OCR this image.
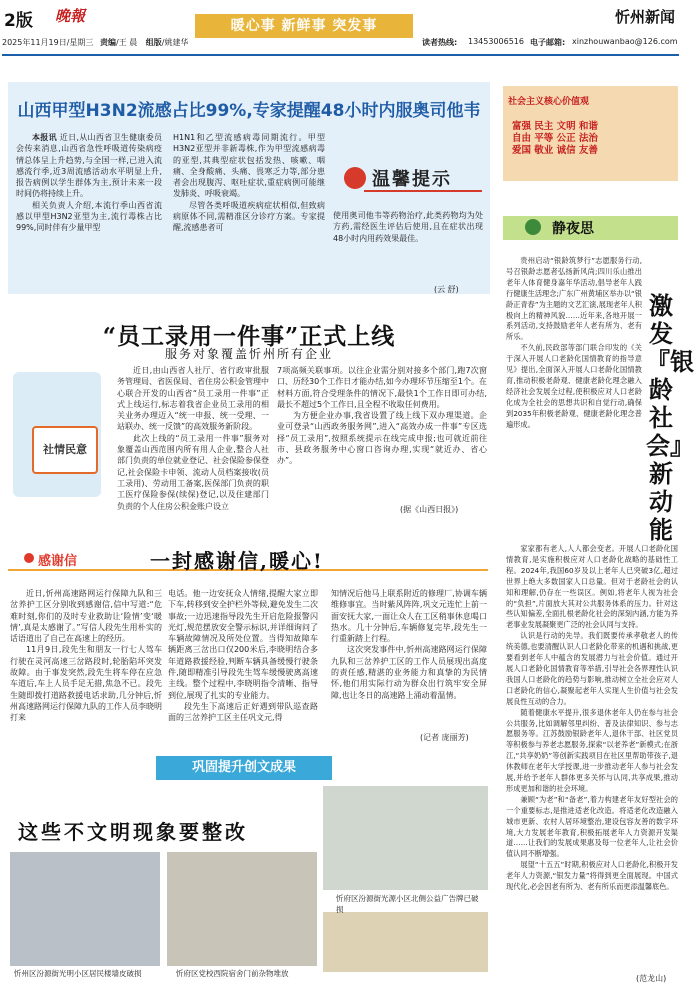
2版 晚報
暖心事 新鲜事 突发事	忻州新闻
2025年11月19日/星期三 责编/王 晨 组版/姚建华	读者热线: 13453006516 电子邮箱: xinzhouwanbao@126.com
山西甲型H3N2流感占比99%,专家提醒48小时内服奥司他韦

本报讯 近日,从山西省卫生健康委员会传来消息,山西省急性呼吸道传染病疫情总体呈上升趋势,与全国一样,已进入流感流行季,近3周流感活动水平明显上升,报告病例以学生群体为主,预计未来一段时间仍将持续上升。

相关负责人介绍,本流行季山西省流感以甲型H3N2亚型为主,流行毒株占比99%,同时伴有少量甲型

H1N1和乙型流感病毒同期流行。甲型H3N2亚型并非新毒株,作为甲型流感病毒的亚型,其典型症状包括发热、咳嗽、咽痛、全身酸痛、头痛、畏寒乏力等,部分患者会出现腹泻、呕吐症状,重症病例可能继发肺炎、呼吸衰竭。

尽管各类呼吸道疾病症状相似,但致病病原体不同,需精准区分诊疗方案。专家提醒,流感患者可

温馨提示

使用奥司他韦等药物治疗,此类药物均为处方药,需经医生评估后使用,且在症状出现48小时内用药效果最佳。

(云 舒)
“员工录用一件事”正式上线
服务对象覆盖忻州所有企业
社情民意

近日,由山西省人社厅、省行政审批服务管理局、省医保局、省住房公积金管理中心联合开发的山西省“员工录用一件事”正式上线运行,标志着我省企业员工录用的相关业务办理迈入“统一申报、统一受理、一站联办、统一反馈”的高效服务新阶段。

此次上线的“员工录用一件事”服务对象覆盖山西范围内所有用人企业,整合人社部门负责的单位就业登记、社会保险参保登记,社会保险卡申领、流动人员档案接收(员工录用)、劳动用工备案,医保部门负责的职工医疗保险参保(续保)登记,以及住建部门负责的个人住房公积金账户设立

7项高频关联事项。以往企业需分别对接多个部门,跑7次窗口、历经30个工作日才能办结,如今办理环节压缩至1个。在材料方面,符合受理条件的情况下,最快1个工作日即可办结,最长不超过5个工作日,且全程不收取任何费用。

为方便企业办事,我省设置了线上线下双办理渠道。企业可登录“山西政务服务网”,进入“高效办成一件事”专区选择“员工录用”,按照系统提示在线完成申报;也可就近前往市、县政务服务中心窗口咨询办理,实现“就近办、省心办”。

(据《山西日报》)
感谢信	一封感谢信,暖心!

近日,忻州高速路网运行保障九队和三岔养护工区分别收到感谢信,信中写道:“危难时刻,你们的及时专业救助让‘险情’变‘暖情’,真是太感谢了。”写信人段先生用朴实的话语道出了自己在高速上的经历。

11月9日,段先生和朋友一行七人驾车行驶在灵河高速三岔路段时,轮胎陷坏突发故障。由于事发突然,段先生将车停在应急车道后,车上人员手足无措,焦急不已。段先生随即拨打道路救援电话求助,几分钟后,忻州高速路网运行保障九队的工作人员李晓明打来

电话。他一边安抚众人情绪,提醒大家立即下车,转移到安全护栏外等候,避免发生二次事故;一边迅速指导段先生开启危险报警闪光灯,规范摆放安全警示标识,并详细询问了车辆故障情况及所处位置。当得知故障车辆距离三岔出口仅200米后,李晓明结合多年道路救援经验,判断车辆具备缓慢行驶条件,随即精准引导段先生驾车缓慢驶离高速主线。整个过程中,李晓明指令清晰、指导到位,展现了扎实的专业能力。

段先生下高速后正好遇到带队巡查路面的三岔养护工区主任巩文元,得

知情况后他马上联系附近的修理厂,协调车辆维修事宜。当时紫风阵阵,巩文元连忙上前一面安抚大家,一面让众人在工区稍事休息喝口热水。几十分钟后,车辆修复完毕,段先生一行重新踏上行程。

这次突发事件中,忻州高速路网运行保障九队和三岔养护工区的工作人员展现出高度的责任感,精湛的业务能力和真挚的为民情怀,他们用实际行动为群众出行筑牢安全屏障,也让冬日的高速路上涌动着温情。

(记者 庞丽芳)
巩固提升创文成果
这些不文明现象要整改
忻州区汾源街光明小区居民楼墙皮破损	忻府区党校西院宿舍门前杂物堆放
忻府区汾源街光源小区北侧公益广告牌已破损
社会主义核心价值观
富强 民主 文明 和谐
自由 平等 公正 法治
爱国 敬业 诚信 友善
静夜思

贵州启动“银龄筑梦行”志愿服务行动,号召银龄志愿者弘扬新风尚;四川乐山推出老年人体育健身嘉年华活动,倡导老年人践行健康生活理念;广东广州黄埔区举办以“银龄正青春”为主题的文艺汇演,展现老年人积极向上的精神风貌……近年来,各地开展一系列活动,支持鼓励老年人老有所为、老有所乐。

不久前,民政部等部门联合印发的《关于深入开展人口老龄化国情教育的指导意见》提出,全面深入开展人口老龄化国情教育,推动积极老龄观、健康老龄化理念融入经济社会发展全过程,使积极应对人口老龄化成为全社会的思想共识和自觉行动,确保到2035年积极老龄观、健康老龄化理念普遍形成。

激发『银龄社会』新动能

家家都有老人,人人都会变老。开展人口老龄化国情教育,是实施积极应对人口老龄化战略的基础性工程。2024年,我国60岁及以上老年人已突破3亿,超过世界上绝大多数国家人口总量。但对于老龄社会的认知和理解,仍存在一些误区。例如,将老年人视为社会的“负担”,片面放大其对公共服务体系的压力。针对这些认知偏差,全面扎根老龄化社会的深刻内涵,方能为养老事业发展凝聚更广泛的社会认同与支持。

认识是行动的先导。我们既要传承孝敬老人的传统美德,也要清醒认识人口老龄化带来的机遇和挑战,更要看到老年人中蕴含的发展潜力与社会价值。通过开展人口老龄化国情教育等举措,引导社会各界理性认识我国人口老龄化的趋势与影响,推动树立全社会应对人口老龄化的信心,凝聚起老年人实现人生价值与社会发展良性互动的合力。

随着健康水平提升,很多退休老年人仍在参与社会公共服务,比如调解邻里纠纷、普及法律知识、参与志愿服务等。江苏鼓励银龄老年人,退休干部、社区党员等积极参与养老志愿服务,探索“以老养老”新模式;在浙江,“共享奶奶”等创新实践项目在社区里帮助带孩子,退休教师在老年大学授课,进一步推动老年人参与社会发展,并给予老年人群体更多关怀与认同,共享成果,推动形成更加和谐的社会环境。

兼顾“为老”和“备老”,着力构建老年友好型社会的一个重要标志,是推进适老化改造。将适老化改造融入城市更新、农村人居环境整治,建设包容友善的数字环境,大力发展老年教育,积极拓展老年人力资源开发渠道……让我们的发展成果惠及每一位老年人,让社会价值认同不断增强。

展望“十五五”时期,积极应对人口老龄化,积极开发老年人力资源,“银发力量”将得到更全面展现。中国式现代化,必会因老有所为、老有所乐而更添温馨底色。

(范龙山)
